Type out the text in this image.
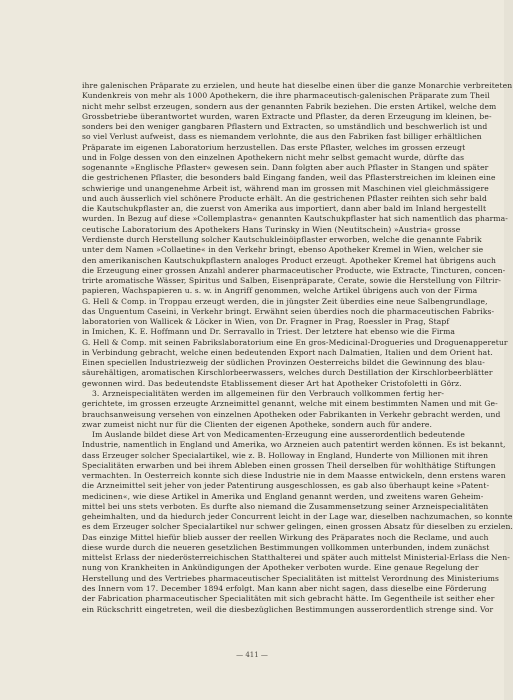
ihre galenischen Präparate zu erzielen, und heute hat dieselbe einen über die ganze Monarchie verbreiteten
Kundenkreis von mehr als 1000 Apothekern, die ihre pharmaceutisch-galenischen Präparate zum Theil
nicht mehr selbst erzeugen, sondern aus der genannten Fabrik beziehen. Die ersten Artikel, welche dem
Grossbetriebe überantwortet wurden, waren Extracte und Pflaster, da deren Erzeugung im kleinen, be-
sonders bei den weniger gangbaren Pflastern und Extracten, so umständlich und beschwerlich ist und
so viel Verlust aufweist, dass es niemandem verlohnte, die aus den Fabriken fast billiger erhältlichen
Präparate im eigenen Laboratorium herzustellen. Das erste Pflaster, welches im grossen erzeugt
und in Folge dessen von den einzelnen Apothekern nicht mehr selbst gemacht wurde, dürfte das
sogenannte »Englische Pflaster« gewesen sein. Dann folgten aber auch Pflaster in Stangen und später
die gestrichenen Pflaster, die besonders bald Eingang fanden, weil das Pflasterstreichen im kleinen eine
schwierige und unangenehme Arbeit ist, während man im grossen mit Maschinen viel gleichmässigere
und auch äusserlich viel schönere Producte erhält. An die gestrichenen Pflaster reihten sich sehr bald
die Kautschukpflaster an, die zuerst von Amerika aus importiert, dann aber bald im Inland hergestellt
wurden. In Bezug auf diese »Collemplastra« genannten Kautschukpflaster hat sich namentlich das pharma-
ceutische Laboratorium des Apothekers Hans Turinsky in Wien (Neutitschein) »Austria« grosse
Verdienste durch Herstellung solcher Kautschukleinöipflaster erworben, welche die genannte Fabrik
unter dem Namen »Collaetine« in den Verkehr bringt, ebenso Apotheker Kremel in Wien, welcher sie
den amerikanischen Kautschukpflastern analoges Product erzeugt. Apotheker Kremel hat übrigens auch
die Erzeugung einer grossen Anzahl anderer pharmaceutischer Producte, wie Extracte, Tincturen, concen-
trirte aromatische Wässer, Spiritus und Salben, Eisenpräparate, Cerate, sowie die Herstellung von Filtrir-
papieren, Wachspapieren u. s. w. in Angriff genommen, welche Artikel übrigens auch von der Firma
G. Hell & Comp. in Troppau erzeugt werden, die in jüngster Zeit überdies eine neue Salbengrundlage,
das Unguentum Caseini, in Verkehr bringt. Erwähnt seien überdies noch die pharmaceutischen Fabriks-
laboratorien von Wallicek & Löcker in Wien, von Dr. Fragner in Prag, Roessler in Prag, Stapf
in Imichen, K. E. Hoffmann und Dr. Serravallo in Triest. Der letztere hat ebenso wie die Firma
G. Hell & Comp. mit seinen Fabrikslaboratorium eine En gros-Medicinal-Drogueries und Droguenapperetur
in Verbindung gebracht, welche einen bedeutenden Export nach Dalmatien, Italien und dem Orient hat.
Einen speciellen Industriezweig der südlichen Provinzen Oesterreichs bildet die Gewinnung des blau-
säurehältigen, aromatischen Kirschlorbeerwassers, welches durch Destillation der Kirschlorbeerblätter
gewonnen wird. Das bedeutendste Etablissement dieser Art hat Apotheker Cristofoletti in Görz.
3. Arzneispecialitäten werden im allgemeinen für den Verbrauch vollkommen fertig her-
gerichtete, im grossen erzeugte Arzneimittel genannt, welche mit einem bestimmten Namen und mit Ge-
brauchsanweisung versehen von einzelnen Apotheken oder Fabrikanten in Verkehr gebracht werden, und
zwar zumeist nicht nur für die Clienten der eigenen Apotheke, sondern auch für andere.
Im Auslande bildet diese Art von Medicamenten-Erzeugung eine ausserordentlich bedeutende
Industrie, namentlich in England und Amerika, wo Arzneien auch patentirt werden können. Es ist bekannt,
dass Erzeuger solcher Specialartikel, wie z. B. Holloway in England, Hunderte von Millionen mit ihren
Specialitäten erwarben und bei ihrem Ableben einen grossen Theil derselben für wohlthätige Stiftungen
vermachten. In Oesterreich konnte sich diese Industrie nie in dem Maasse entwickeln, denn erstens waren
die Arzneimittel seit jeher von jeder Patentirung ausgeschlossen, es gab also überhaupt keine »Patent-
medicinen«, wie diese Artikel in Amerika und England genannt werden, und zweitens waren Geheim-
mittel bei uns stets verboten. Es durfte also niemand die Zusammensetzung seiner Arzneispecialitäten
geheimhalten, und da hiedurch jeder Concurrent leicht in der Lage war, dieselben nachzumachen, so konnte
es dem Erzeuger solcher Specialartikel nur schwer gelingen, einen grossen Absatz für dieselben zu erzielen.
Das einzige Mittel hiefür blieb ausser der reellen Wirkung des Präparates noch die Reclame, und auch
diese wurde durch die neueren gesetzlichen Bestimmungen vollkommen unterbunden, indem zunächst
mittelst Erlass der niederösterreichischen Statthalterei und später auch mittelst Ministerial-Erlass die Nen-
nung von Krankheiten in Ankündigungen der Apotheker verboten wurde. Eine genaue Regelung der
Herstellung und des Vertriebes pharmaceutischer Specialitäten ist mittelst Verordnung des Ministeriums
des Innern vom 17. December 1894 erfolgt. Man kann aber nicht sagen, dass dieselbe eine Förderung
der Fabrication pharmaceutischer Specialitäten mit sich gebracht hätte. Im Gegentheile ist seither eher
ein Rückschritt eingetreten, weil die diesbezüglichen Bestimmungen ausserordentlich strenge sind. Vor
— 411 —
